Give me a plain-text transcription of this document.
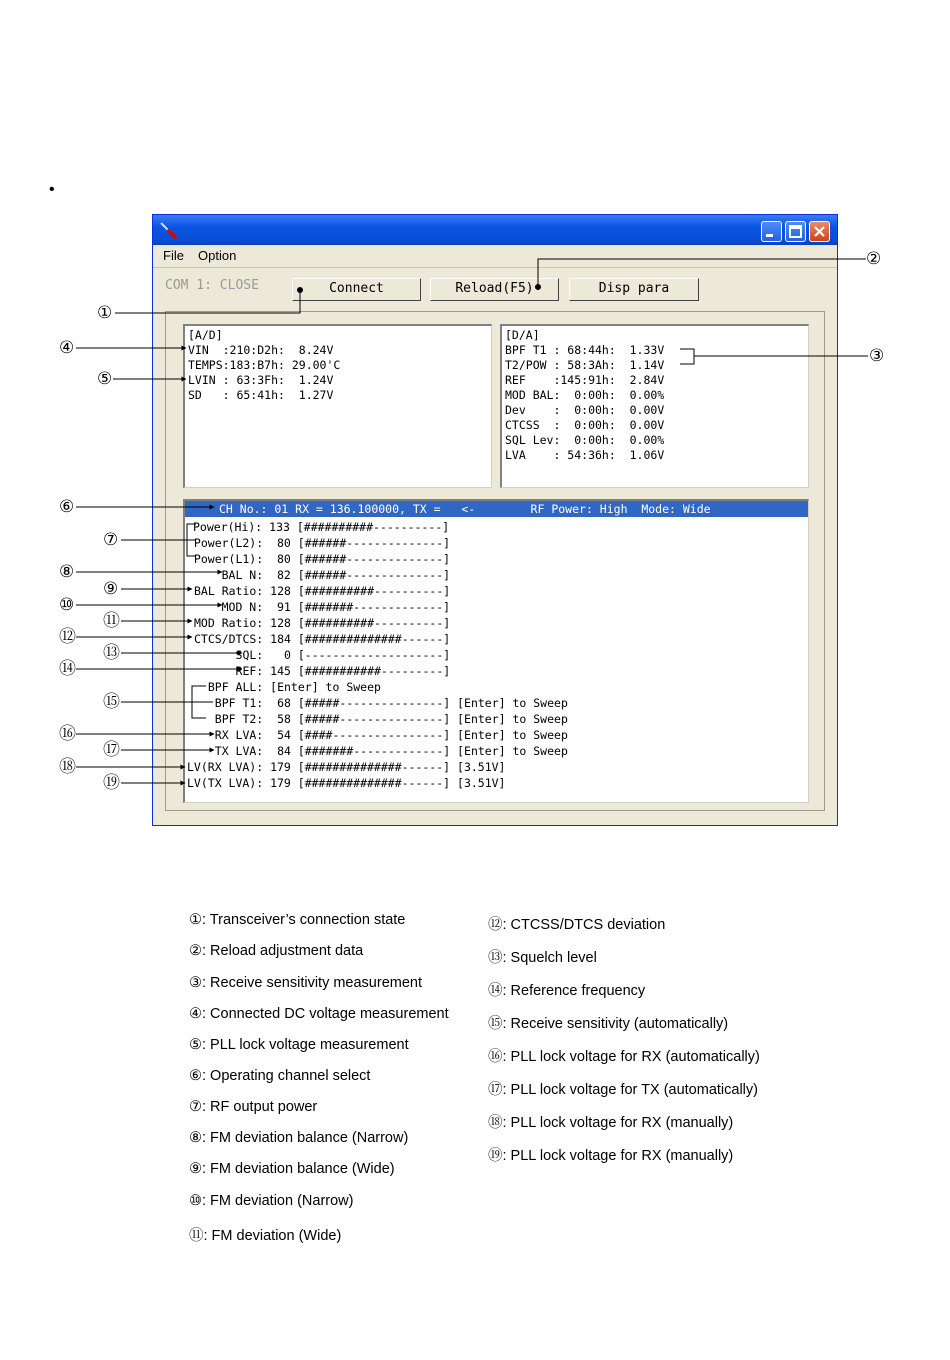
•
File Option
COM 1: CLOSE	Connect	Reload(F5)	Disp para
[A/D]
VIN  :210:D2h:  8.24V
TEMPS:183:B7h: 29.00'C
LVIN : 63:3Fh:  1.24V
SD   : 65:41h:  1.27V
[D/A]
BPF T1 : 68:44h:  1.33V
T2/POW : 58:3Ah:  1.14V
REF    :145:91h:  2.84V
MOD BAL:  0:00h:  0.00%
Dev    :  0:00h:  0.00V
CTCSS  :  0:00h:  0.00V
SQL Lev:  0:00h:  0.00%
LVA    : 54:36h:  1.06V
CH No.: 01 RX = 136.100000, TX =   <-        RF Power: High  Mode: Wide
Power(Hi): 133 [##########----------]
Power(L2):  80 [######--------------]
Power(L1):  80 [######--------------]
BAL N:  82 [######--------------]
BAL Ratio: 128 [##########----------]
MOD N:  91 [#######-------------]
MOD Ratio: 128 [##########----------]
CTCS/DTCS: 184 [##############------]
SQL:   0 [--------------------]
REF: 145 [###########---------]
BPF ALL: [Enter] to Sweep
BPF T1:  68 [#####---------------] [Enter] to Sweep
BPF T2:  58 [#####---------------] [Enter] to Sweep
RX LVA:  54 [####----------------] [Enter] to Sweep
TX LVA:  84 [#######-------------] [Enter] to Sweep
LV(RX LVA): 179 [##############------] [3.51V]
LV(TX LVA): 179 [##############------] [3.51V]
①
②
③
④
⑤
⑥
⑦
⑧
⑨
⑩
⑪
⑫
⑬
⑭
⑮
⑯
⑰
⑱
⑲
①: Transceiver’s connection state
②: Reload adjustment data
③: Receive sensitivity measurement
④: Connected DC voltage measurement
⑤: PLL lock voltage measurement
⑥: Operating channel select
⑦: RF output power
⑧: FM deviation balance (Narrow)
⑨: FM deviation balance (Wide)
⑩: FM deviation (Narrow)
⑪: FM deviation (Wide)
⑫: CTCSS/DTCS deviation
⑬: Squelch level
⑭: Reference frequency
⑮: Receive sensitivity (automatically)
⑯: PLL lock voltage for RX (automatically)
⑰: PLL lock voltage for TX (automatically)
⑱: PLL lock voltage for RX (manually)
⑲: PLL lock voltage for RX (manually)
